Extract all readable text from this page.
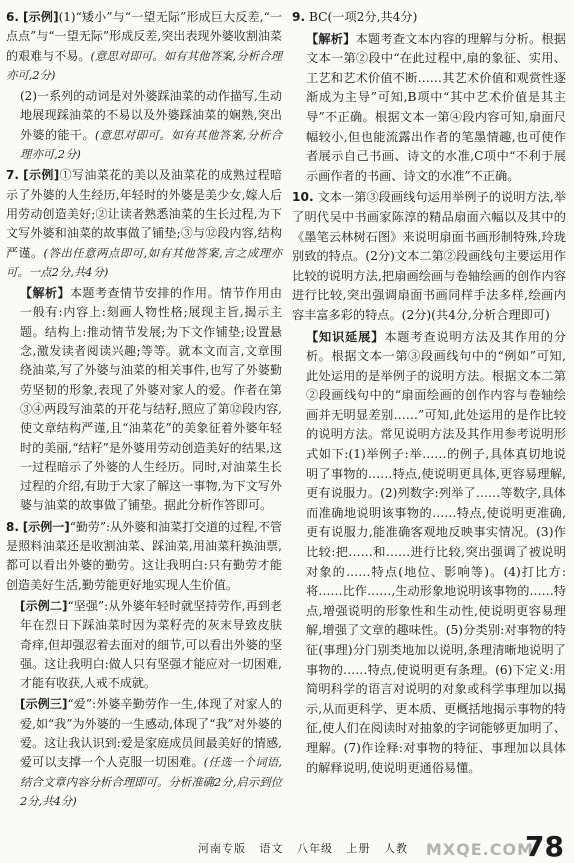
6. [示例](1)“矮小”与“一望无际”形成巨大反差,“一点点”与“一望无际”形成反差,突出表现外婆收割油菜的艰难与不易。(意思对即可。如有其他答案,分析合理亦可,2分)
(2)一系列的动词是对外婆踩油菜的动作描写,生动地展现踩油菜的不易以及外婆踩油菜的娴熟,突出外婆的能干。(意思对即可。如有其他答案,分析合理亦可,2分)
7. [示例]①写油菜花的美以及油菜花的成熟过程暗示了外婆的人生经历,年轻时的外婆是美少女,嫁人后用劳动创造美好;②让读者熟悉油菜的生长过程,为下文写外婆和油菜的故事做了铺垫;③与⑫段内容,结构严谨。(答出任意两点即可,如有其他答案,言之成理亦可。一点2分,共4分)
【解析】本题考查情节安排的作用。情节作用由一般有:内容上:刻画人物性格;展现主旨,揭示主题。结构上:推动情节发展;为下文作铺垫;设置悬念,激发读者阅读兴趣;等等。就本文而言,文章围绕油菜,写了外婆与油菜的相关事件,也写了外婆勤劳坚韧的形象,表现了外婆对家人的爱。作者在第③④两段写油菜的开花与结籽,照应了第⑫段内容,使文章结构严谨,且“油菜花”的美象征着外婆年轻时的美丽,“结籽”是外婆用劳动创造美好的结果,这一过程暗示了外婆的人生经历。同时,对油菜生长过程的介绍,有助于大家了解这一事物,为下文写外婆与油菜的故事做了铺垫。据此分析作答即可。
8. [示例一]“勤劳”:从外婆和油菜打交道的过程,不管是照料油菜还是收割油菜、踩油菜,用油菜秆换油票,都可以看出外婆的勤劳。这让我明白:只有勤劳才能创造美好生活,勤劳能更好地实现人生价值。
[示例二]“坚强”:从外婆年轻时就坚持劳作,再到老年在烈日下踩油菜时因为菜籽壳的灰末导致皮肤奇痒,但却强忍着去面对的细节,可以看出外婆的坚强。这让我明白:做人只有坚强才能应对一切困难,才能有收获,人戒不成就。
[示例三]“爱”:外婆辛勤劳作一生,体现了对家人的爱,如“我”为外婆的一生感动,体现了“我”对外婆的爱。这让我认识到:爱是家庭成员间最美好的情感,爱可以支撑一个人克服一切困难。(任选一个词语,结合文章内容分析合理即可。分析准确2分,启示到位2分,共4分)
9. BC(一项2分,共4分)
【解析】本题考查文本内容的理解与分析。根据文本一第②段中“在此过程中,扇的象征、实用、工艺和艺术价值不断……其艺术价值和观赏性逐渐成为主导”可知,B项中“其中艺术价值是其主导”不正确。根据文本一第④段内容可知,扇面尺幅较小,但也能流露出作者的笔墨情趣,也可使作者展示自己书画、诗文的水准,C项中“不利于展示画作者的书画、诗文的水准”不正确。
10. 文本一第③段画线句运用举例子的说明方法,举了明代吴中书画家陈淳的精品扇面六幅以及其中的《墨笔云林树石图》来说明扇面书画形制特殊,玲珑别致的特点。(2分)文本二第②段画线句主要运用作比较的说明方法,把扇画绘画与卷轴绘画的创作内容进行比较,突出强调扇面书画同样手法多样,绘画内容丰富多彩的特点。(2分)(共4分,分析合理即可)
【知识延展】本题考查说明方法及其作用的分析。根据文本一第③段画线句中的“例如”可知,此处运用的是举例子的说明方法。根据文本二第②段画线句中的“扇面绘画的创作内容与卷轴绘画并无明显差别……”可知,此处运用的是作比较的说明方法。常见说明方法及其作用参考说明形式如下:(1)举例子:举……的例子,具体真切地说明了事物的……特点,使说明更具体,更容易理解,更有说服力。(2)列数字:列举了……等数字,具体而准确地说明该事物的……特点,使说明更准确,更有说服力,能准确客观地反映事实情况。(3)作比较:把……和……进行比较,突出强调了被说明对象的……特点(地位、影响等)。(4)打比方:将……比作……,生动形象地说明该事物的……特点,增强说明的形象性和生动性,使说明更容易理解,增强了文章的趣味性。(5)分类别:对事物的特征(事理)分门别类地加以说明,条理清晰地说明了事物的……特点,使说明更有条理。(6)下定义:用简明科学的语言对说明的对象或科学事理加以揭示,从而更科学、更本质、更概括地揭示事物的特征,使人们在阅读时对抽象的字词能够更加明了、理解。(7)作诠释:对事物的特征、事理加以具体的解释说明,使说明更通俗易懂。
河南专版 语文 八年级 上册 人教 MXQE.COM
78
